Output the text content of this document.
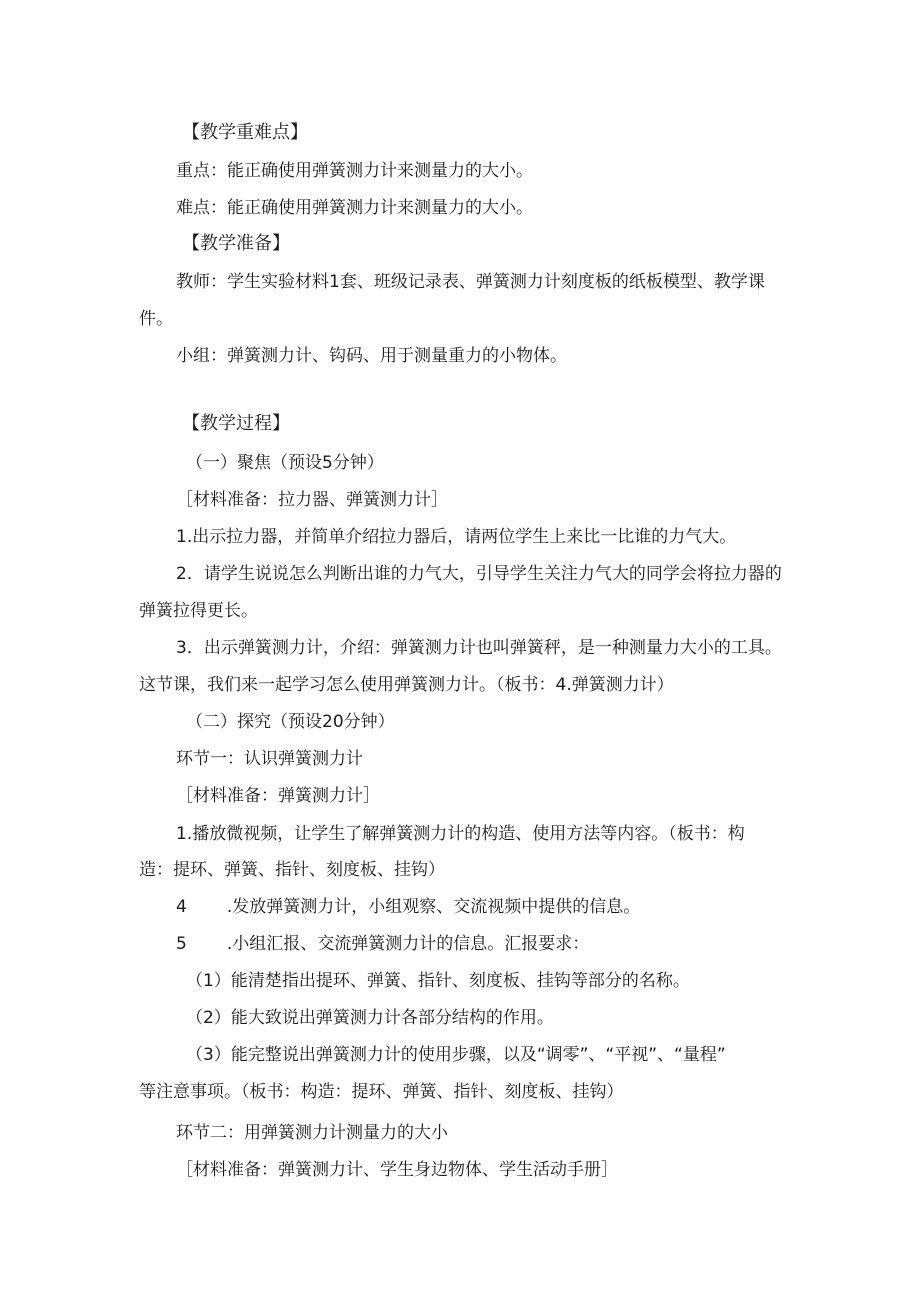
【教学重难点】

重点：能正确使用弹簧测力计来测量力的大小。

难点：能正确使用弹簧测力计来测量力的大小。

【教学准备】

教师：学生实验材料1套、班级记录表、弹簧测力计刻度板的纸板模型、教学课

件。

小组：弹簧测力计、钩码、用于测量重力的小物体。

【教学过程】

（一）聚焦（预设5分钟）

［材料准备：拉力器、弹簧测力计］

1.出示拉力器，并简单介绍拉力器后，请两位学生上来比一比谁的力气大。

2．请学生说说怎么判断出谁的力气大，引导学生关注力气大的同学会将拉力器的

弹簧拉得更长。

3．出示弹簧测力计，介绍：弹簧测力计也叫弹簧秤，是一种测量力大小的工具。

这节课，我们来一起学习怎么使用弹簧测力计。（板书：4.弹簧测力计）

（二）探究（预设20分钟）

环节一：认识弹簧测力计

［材料准备：弹簧测力计］

1.播放微视频，让学生了解弹簧测力计的构造、使用方法等内容。（板书：构

造：提环、弹簧、指针、刻度板、挂钩）

4 .发放弹簧测力计，小组观察、交流视频中提供的信息。

5 .小组汇报、交流弹簧测力计的信息。汇报要求：

（1）能清楚指出提环、弹簧、指针、刻度板、挂钩等部分的名称。

（2）能大致说出弹簧测力计各部分结构的作用。

（3）能完整说出弹簧测力计的使用步骤，以及“调零”、“平视”、“量程”

等注意事项。（板书：构造：提环、弹簧、指针、刻度板、挂钩）

环节二：用弹簧测力计测量力的大小

［材料准备：弹簧测力计、学生身边物体、学生活动手册］
